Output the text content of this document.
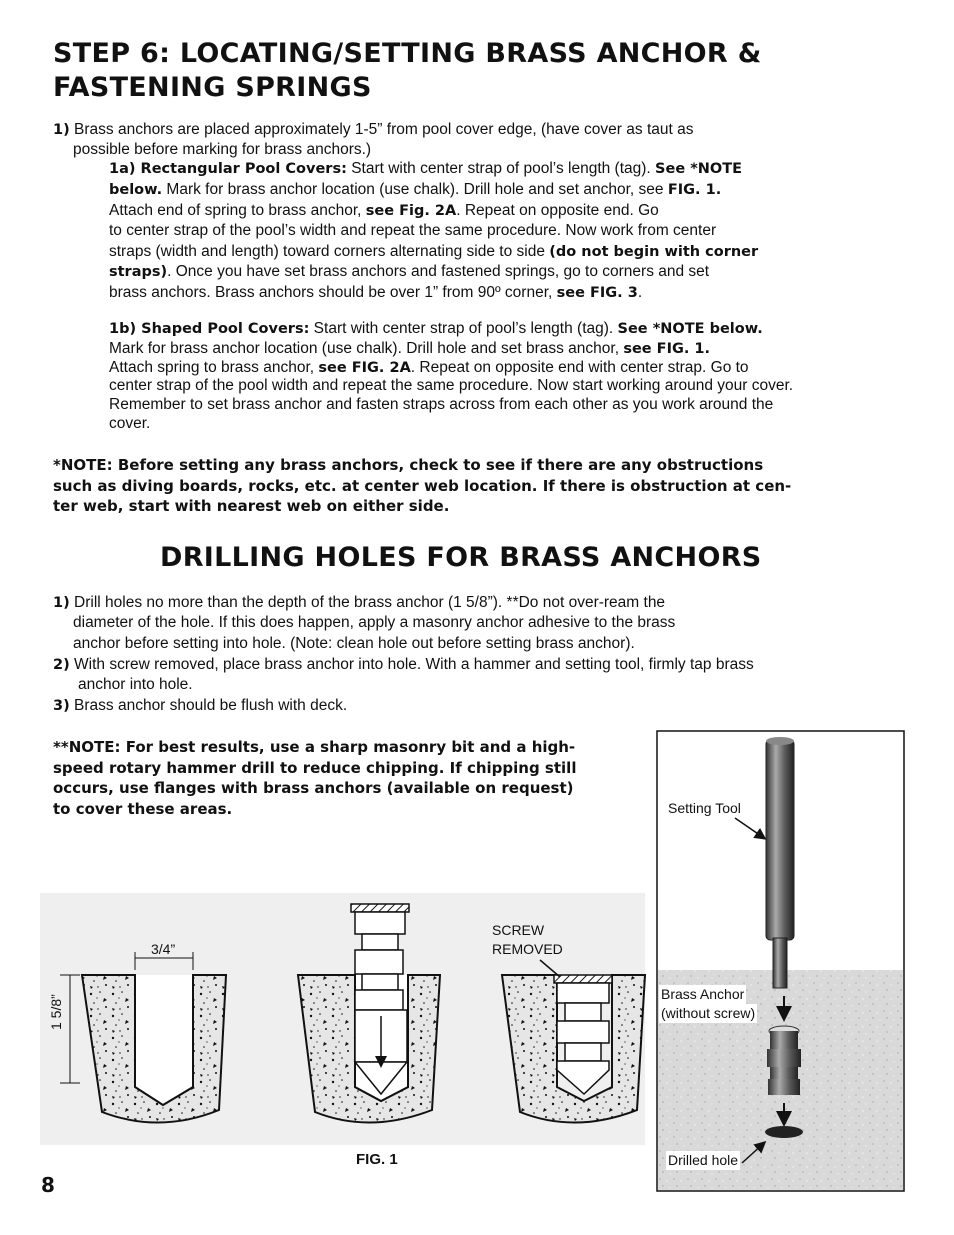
STEP 6: LOCATING/SETTING BRASS ANCHOR &
FASTENING SPRINGS
1) Brass anchors are placed approximately 1-5” from pool cover edge, (have cover as taut as
possible before marking for brass anchors.)
1a) Rectangular Pool Covers: Start with center strap of pool’s length (tag). See *NOTE
below. Mark for brass anchor location (use chalk). Drill hole and set anchor, see FIG. 1.
Attach end of spring to brass anchor, see Fig. 2A. Repeat on opposite end. Go
to center strap of the pool’s width and repeat the same procedure. Now work from center
straps (width and length) toward corners alternating side to side (do not begin with corner
straps). Once you have set brass anchors and fastened springs, go to corners and set
brass anchors. Brass anchors should be over 1” from 90º corner, see FIG. 3.
1b) Shaped Pool Covers: Start with center strap of pool’s length (tag). See *NOTE below.
Mark for brass anchor location (use chalk). Drill hole and set brass anchor, see FIG. 1.
Attach spring to brass anchor, see FIG. 2A. Repeat on opposite end with center strap. Go to
center strap of the pool width and repeat the same procedure. Now start working around your cover.
Remember to set brass anchor and fasten straps across from each other as you work around the
cover.
*NOTE: Before setting any brass anchors, check to see if there are any obstructions
such as diving boards, rocks, etc. at center web location. If there is obstruction at cen-
ter web, start with nearest web on either side.
DRILLING HOLES FOR BRASS ANCHORS
1) Drill holes no more than the depth of the brass anchor (1 5/8”). **Do not over-ream the
diameter of the hole. If this does happen, apply a masonry anchor adhesive to the brass
anchor before setting into hole. (Note: clean hole out before setting brass anchor).
2) With screw removed, place brass anchor into hole. With a hammer and setting tool, firmly tap brass
anchor into hole.
3) Brass anchor should be flush with deck.
**NOTE: For best results, use a sharp masonry bit and a high-
speed rotary hammer drill to reduce chipping. If chipping still
occurs, use flanges with brass anchors (available on request)
to cover these areas.
3/4”
1 5/8”
SCREW
REMOVED
FIG. 1
Setting Tool
Brass Anchor
(without screw)
Drilled hole
8
